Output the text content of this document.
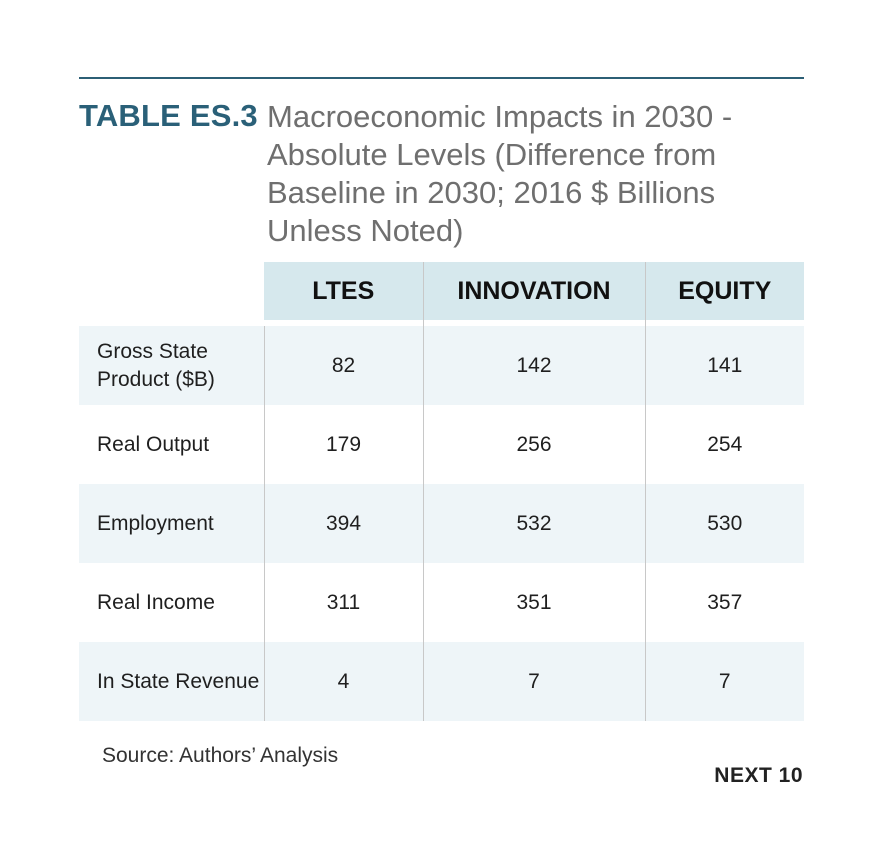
TABLE ES.3 Macroeconomic Impacts in 2030 - Absolute Levels (Difference from Baseline in 2030; 2016 $ Billions Unless Noted)
	LTES	INNOVATION	EQUITY

Gross State Product ($B)	82	142	141
Real Output	179	256	254
Employment	394	532	530
Real Income	311	351	357
In State Revenue	4	7	7
Source: Authors’ Analysis
NEXT 10
